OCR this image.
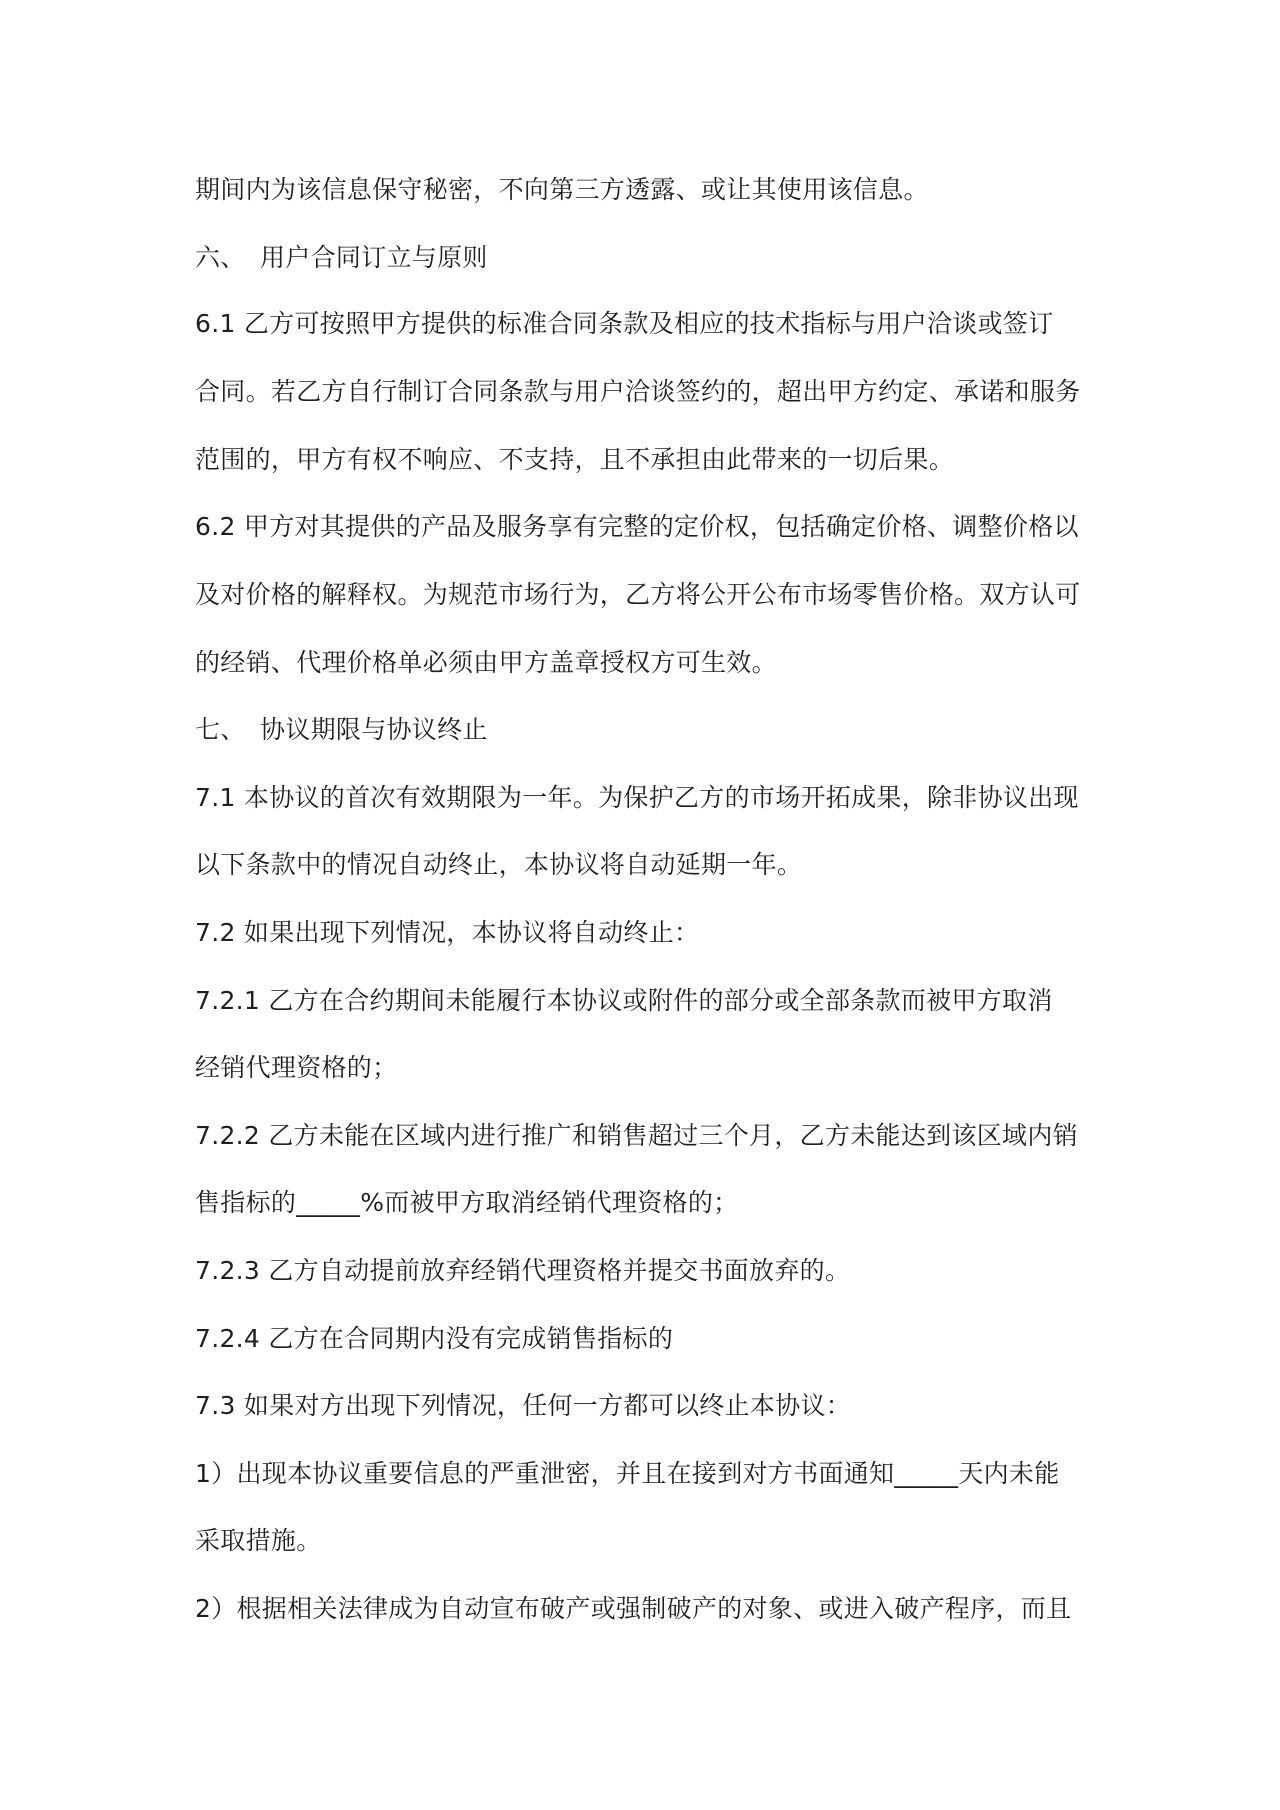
期间内为该信息保守秘密，不向第三方透露、或让其使用该信息。
六、 用户合同订立与原则
6.1 乙方可按照甲方提供的标准合同条款及相应的技术指标与用户洽谈或签订
合同。若乙方自行制订合同条款与用户洽谈签约的，超出甲方约定、承诺和服务
范围的，甲方有权不响应、不支持，且不承担由此带来的一切后果。
6.2 甲方对其提供的产品及服务享有完整的定价权，包括确定价格、调整价格以
及对价格的解释权。为规范市场行为，乙方将公开公布市场零售价格。双方认可
的经销、代理价格单必须由甲方盖章授权方可生效。
七、 协议期限与协议终止
7.1 本协议的首次有效期限为一年。为保护乙方的市场开拓成果，除非协议出现
以下条款中的情况自动终止，本协议将自动延期一年。
7.2 如果出现下列情况，本协议将自动终止：
7.2.1 乙方在合约期间未能履行本协议或附件的部分或全部条款而被甲方取消
经销代理资格的；
7.2.2 乙方未能在区域内进行推广和销售超过三个月，乙方未能达到该区域内销
售指标的_____%而被甲方取消经销代理资格的；
7.2.3 乙方自动提前放弃经销代理资格并提交书面放弃的。
7.2.4 乙方在合同期内没有完成销售指标的
7.3 如果对方出现下列情况，任何一方都可以终止本协议：
1）出现本协议重要信息的严重泄密，并且在接到对方书面通知_____天内未能
采取措施。
2）根据相关法律成为自动宣布破产或强制破产的对象、或进入破产程序，而且
